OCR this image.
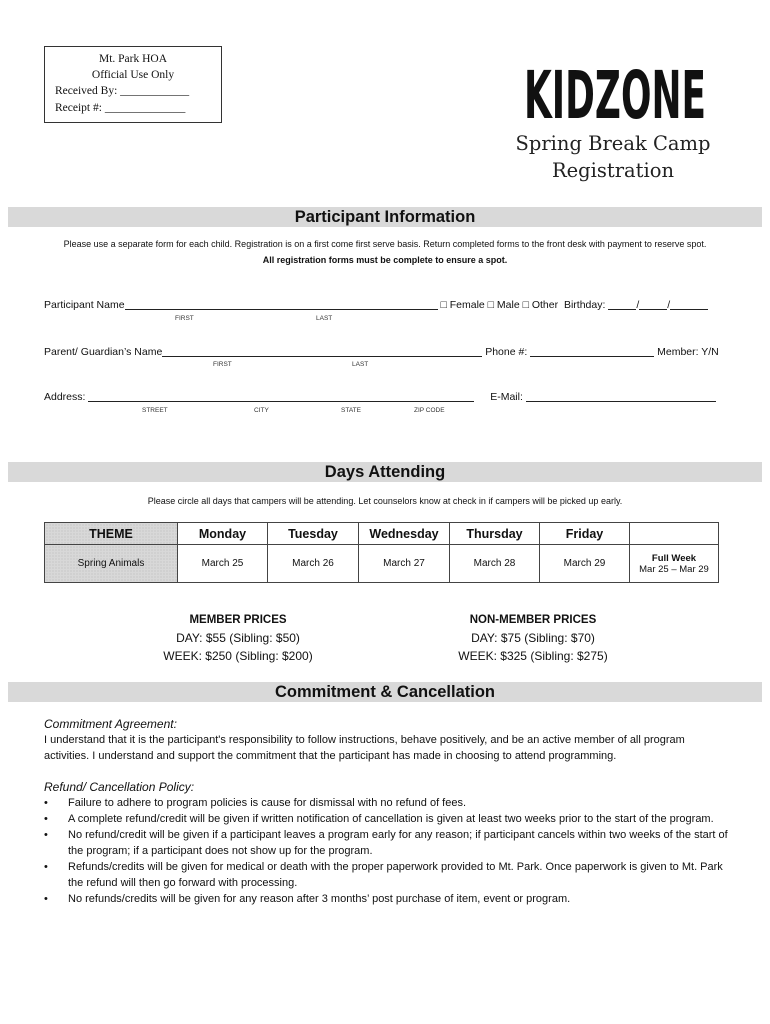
Mt. Park HOA
Official Use Only
Received By: ____________
Receipt #: ______________	KIDZONE
Spring Break Camp
Registration
Participant Information
Please use a separate form for each child. Registration is on a first come first serve basis. Return completed forms to the front desk with payment to reserve spot.
All registration forms must be complete to ensure a spot.
Participant Name	□ Female □ Male □ Other Birthday:	/	/
FIRST	LAST
Parent/ Guardian’s Name	Phone #:	Member: Y/N
FIRST	LAST
Address:	E-Mail:
STREET	CITY	STATE	ZIP CODE
Days Attending
Please circle all days that campers will be attending. Let counselors know at check in if campers will be picked up early.
THEME	Monday	Tuesday	Wednesday	Thursday	Friday	
Spring Animals	March 25	March 26	March 27	March 28	March 29	Full Week
Mar 25 – Mar 29
MEMBER PRICES
DAY: $55 (Sibling: $50)
WEEK: $250 (Sibling: $200)
NON-MEMBER PRICES
DAY: $75 (Sibling: $70)
WEEK: $325 (Sibling: $275)
Commitment & Cancellation
Commitment Agreement:
I understand that it is the participant's responsibility to follow instructions, behave positively, and be an active member of all program activities. I understand and support the commitment that the participant has made in choosing to attend programming.
Refund/ Cancellation Policy:
• Failure to adhere to program policies is cause for dismissal with no refund of fees.
• A complete refund/credit will be given if written notification of cancellation is given at least two weeks prior to the start of the program.
• No refund/credit will be given if a participant leaves a program early for any reason; if participant cancels within two weeks of the start of the program; if a participant does not show up for the program.
• Refunds/credits will be given for medical or death with the proper paperwork provided to Mt. Park. Once paperwork is given to Mt. Park the refund will then go forward with processing.
• No refunds/credits will be given for any reason after 3 months’ post purchase of item, event or program.
